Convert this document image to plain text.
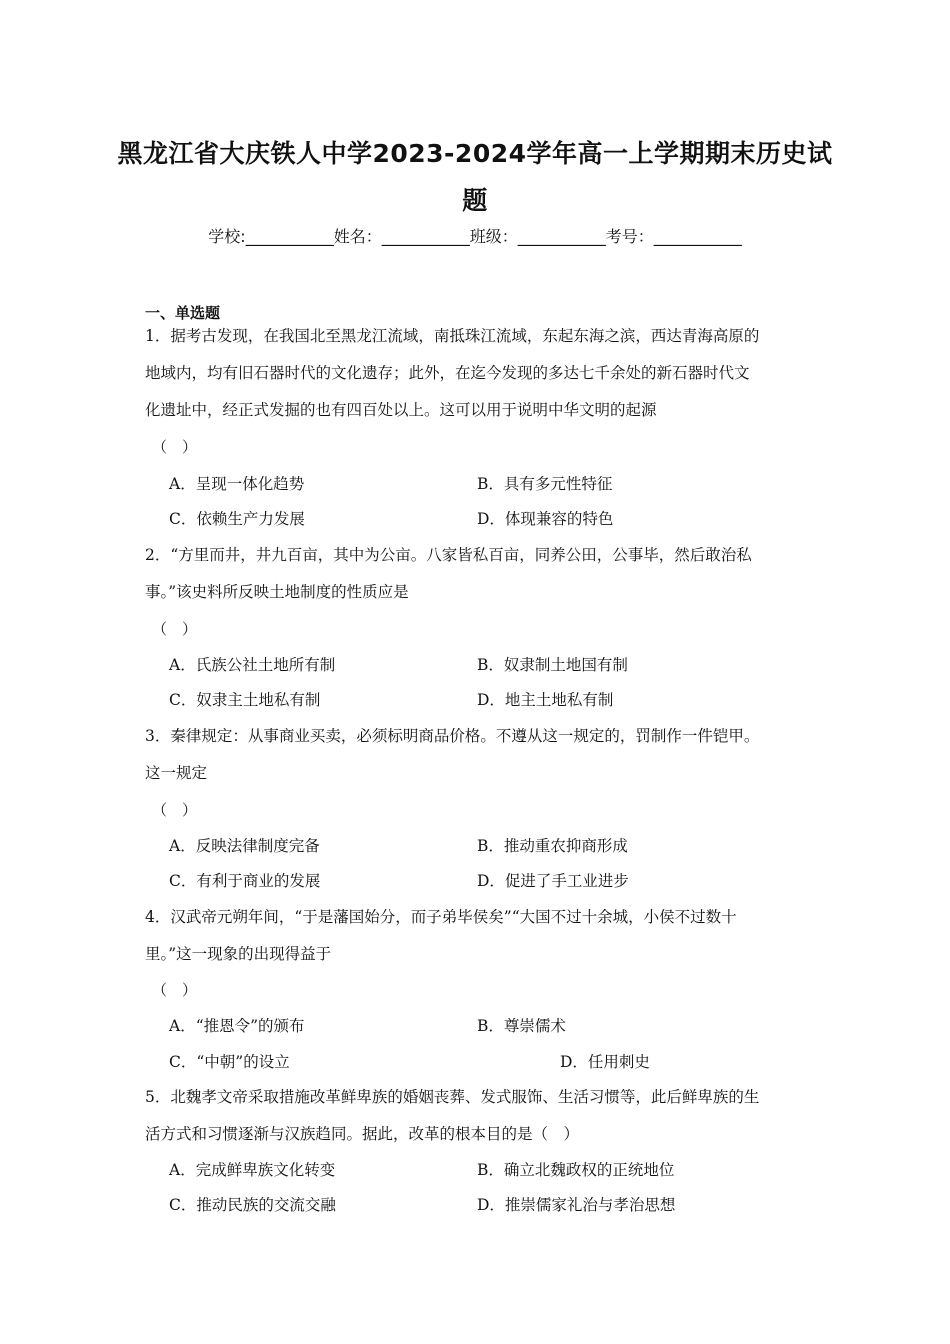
黑龙江省大庆铁人中学2023-2024学年高一上学期期末历史试
题
学校:___________姓名：___________班级：___________考号：___________
一、单选题
1．据考古发现，在我国北至黑龙江流域，南抵珠江流域，东起东海之滨，西达青海高原的
地域内，均有旧石器时代的文化遗存；此外，在迄今发现的多达七千余处的新石器时代文
化遗址中，经正式发掘的也有四百处以上。这可以用于说明中华文明的起源
（　）
A．呈现一体化趋势	B．具有多元性特征
C．依赖生产力发展	D．体现兼容的特色
2．“方里而井，井九百亩，其中为公亩。八家皆私百亩，同养公田，公事毕，然后敢治私
事。”该史料所反映土地制度的性质应是
（　）
A．氏族公社土地所有制	B．奴隶制土地国有制
C．奴隶主土地私有制	D．地主土地私有制
3．秦律规定：从事商业买卖，必须标明商品价格。不遵从这一规定的，罚制作一件铠甲。
这一规定
（　）
A．反映法律制度完备	B．推动重农抑商形成
C．有利于商业的发展	D．促进了手工业进步
4．汉武帝元朔年间，“于是藩国始分，而子弟毕侯矣”“大国不过十余城，小侯不过数十
里。”这一现象的出现得益于
（　）
A．“推恩令”的颁布	B．尊崇儒术
C．“中朝”的设立	D．任用刺史
5．北魏孝文帝采取措施改革鲜卑族的婚姻丧葬、发式服饰、生活习惯等，此后鲜卑族的生
活方式和习惯逐渐与汉族趋同。据此，改革的根本目的是（　）
A．完成鲜卑族文化转变	B．确立北魏政权的正统地位
C．推动民族的交流交融	D．推崇儒家礼治与孝治思想
